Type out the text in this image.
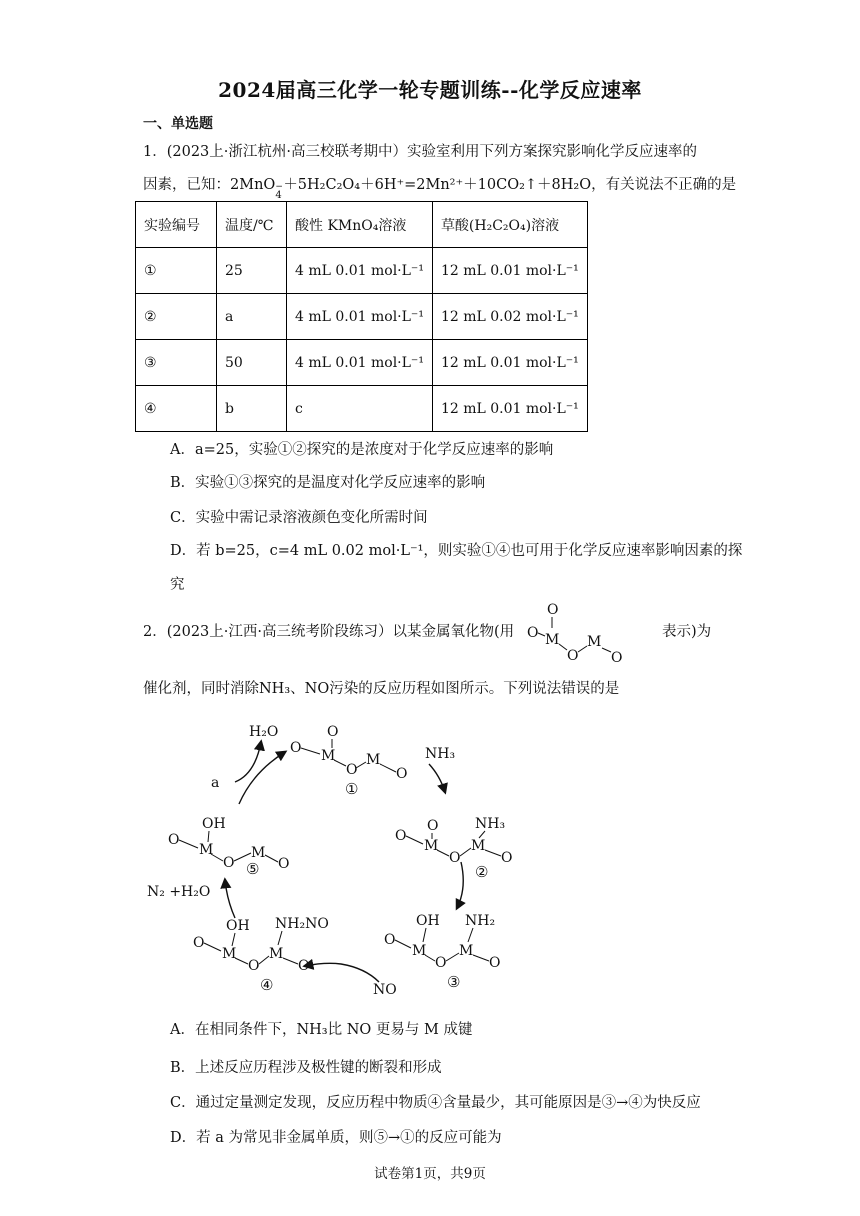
2024届高三化学一轮专题训练--化学反应速率
一、单选题
1．(2023上·浙江杭州·高三校联考期中）实验室利用下列方案探究影响化学反应速率的
因素，已知：2MnO −
4
＋5H₂C₂O₄＋6H⁺=2Mn²⁺＋10CO₂↑＋8H₂O，有关说法不正确的是
实验编号	温度/℃	酸性 KMnO₄溶液	草酸(H₂C₂O₄)溶液
①	25	4 mL 0.01 mol·L⁻¹	12 mL 0.01 mol·L⁻¹
②	a	4 mL 0.01 mol·L⁻¹	12 mL 0.02 mol·L⁻¹
③	50	4 mL 0.01 mol·L⁻¹	12 mL 0.01 mol·L⁻¹
④	b	c	12 mL 0.01 mol·L⁻¹
A．a=25，实验①②探究的是浓度对于化学反应速率的影响
B．实验①③探究的是温度对化学反应速率的影响
C．实验中需记录溶液颜色变化所需时间
D．若 b=25，c=4 mL 0.02 mol·L⁻¹，则实验①④也可用于化学反应速率影响因素的探
究
2．(2023上·江西·高三统考阶段练习）以某金属氧化物(用
O
O M
O
M
O
表示)为
催化剂，同时消除NH₃、NO污染的反应历程如图所示。下列说法错误的是
O
O M
O
M
O
①
H₂O
a
NH₃
O
O
M
O
NH₃
M
O
②
OH
O
M
O
NH₂
M
O
③
NO
OH
O
M
O
NH₂NO
M
O
④
N₂ +H₂O
OH
O
M
O
M
O
⑤
A．在相同条件下，NH₃比 NO 更易与 M 成键
B．上述反应历程涉及极性键的断裂和形成
C．通过定量测定发现，反应历程中物质④含量最少，其可能原因是③→④为快反应
D．若 a 为常见非金属单质，则⑤→①的反应可能为
试卷第1页，共9页
